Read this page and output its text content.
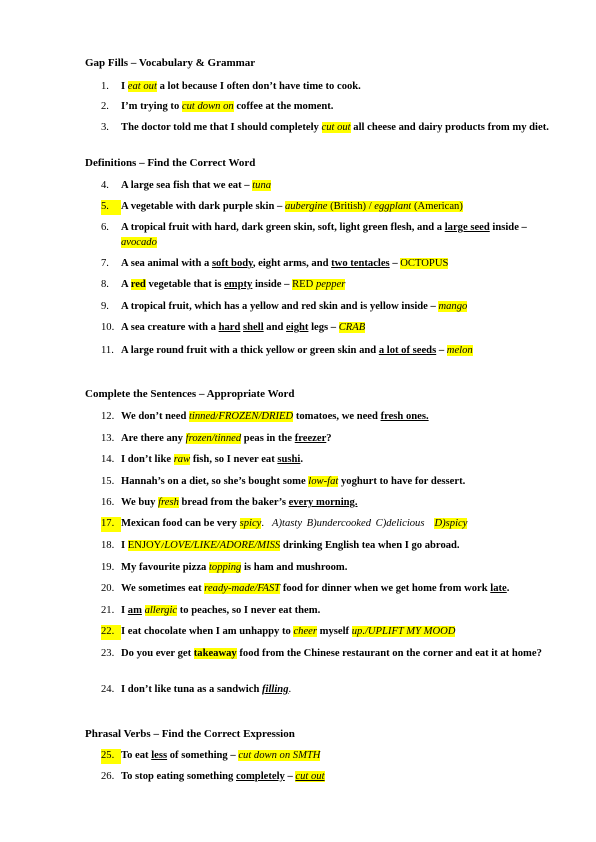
Gap Fills – Vocabulary & Grammar
1.	I eat out a lot because I often don’t have time to cook.
2.	I’m trying to cut down on coffee at the moment.
3.	The doctor told me that I should completely cut out all cheese and dairy products from my diet.
Definitions – Find the Correct Word
4.	A large sea fish that we eat – tuna
5.	A vegetable with dark purple skin – aubergine (British) / eggplant (American)
6.	A tropical fruit with hard, dark green skin, soft, light green flesh, and a large seed inside – avocado
7.	A sea animal with a soft body, eight arms, and two tentacles – OCTOPUS
8.	A red vegetable that is empty inside – RED pepper
9.	A tropical fruit, which has a yellow and red skin and is yellow inside – mango
10. A sea creature with a hard shell and eight legs – CRAB
11. A large round fruit with a thick yellow or green skin and a lot of seeds – melon
Complete the Sentences – Appropriate Word
12. We don’t need tinned/FROZEN/DRIED tomatoes, we need fresh ones.
13. Are there any frozen/tinned peas in the freezer?
14. I don’t like raw fish, so I never eat sushi.
15. Hannah’s on a diet, so she’s bought some low-fat yoghurt to have for dessert.
16. We buy fresh bread from the baker’s every morning.
17. Mexican food can be very spicy. A)tasty B)undercooked C)delicious D)spicy
18. I ENJOY/LOVE/LIKE/ADORE/MISS drinking English tea when I go abroad.
19. My favourite pizza topping is ham and mushroom.
20. We sometimes eat ready-made/FAST food for dinner when we get home from work late.
21. I am allergic to peaches, so I never eat them.
22. I eat chocolate when I am unhappy to cheer myself up./UPLIFT MY MOOD
23. Do you ever get takeaway food from the Chinese restaurant on the corner and eat it at home?
24. I don’t like tuna as a sandwich filling.
Phrasal Verbs – Find the Correct Expression
25. To eat less of something – cut down on SMTH
26. To stop eating something completely – cut out
